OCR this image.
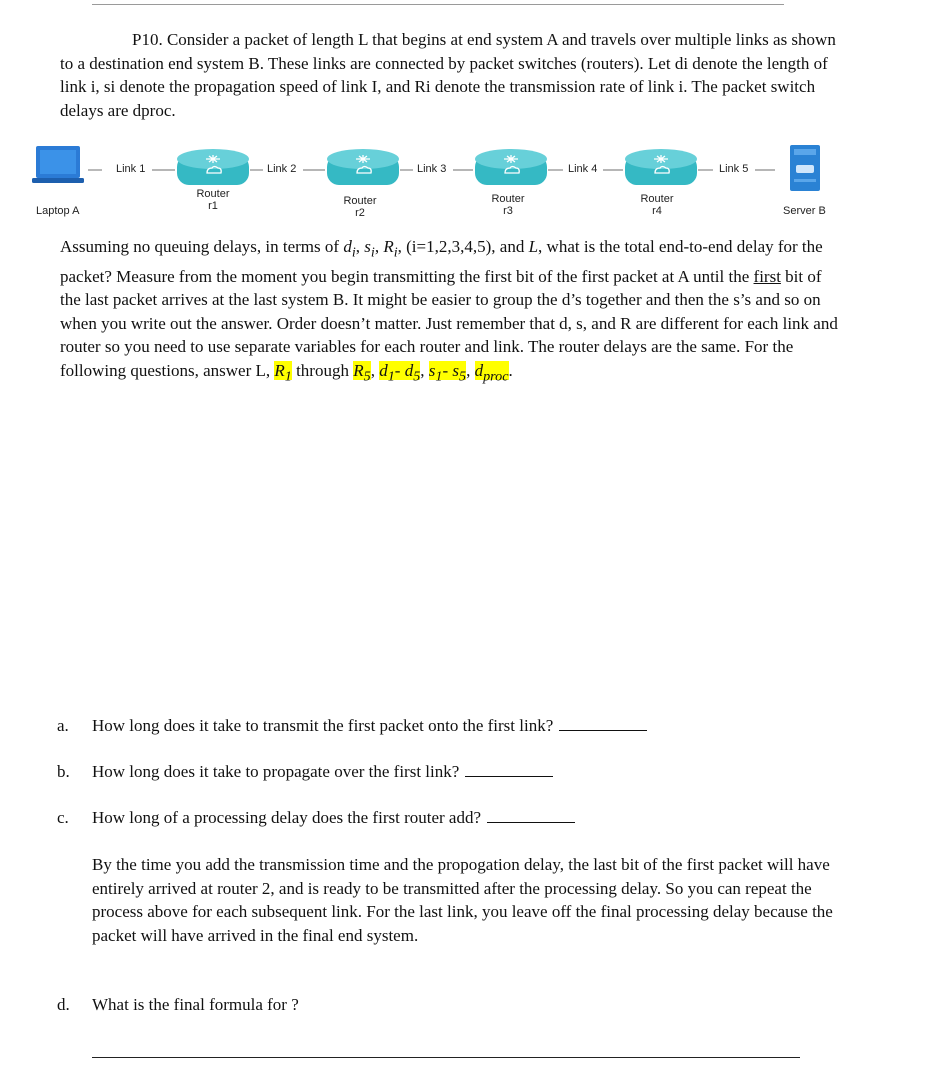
P10. Consider a packet of length L that begins at end system A and travels over multiple links as shown to a destination end system B. These links are connected by packet switches (routers). Let di denote the length of link i, si denote the propagation speed of link I, and Ri denote the transmission rate of link i. The packet switch delays are dproc.
Link 1	Link 2	Link 3	Link 4	Link 5
Router
r1	Router
r2
Router
r3
Router
r4
Laptop A	Server B
Assuming no queuing delays, in terms of $d_i$, $s_i$, $R_i$, (i=1,2,3,4,5), and L, what is the total end-to-end delay for the packet? Measure from the moment you begin transmitting the first bit of the first packet at A until the first bit of the last packet arrives at the last system B. It might be easier to group the d’s together and then the s’s and so on when you write out the answer. Order doesn’t matter. Just remember that d, s, and R are different for each link and router so you need to use separate variables for each router and link. The router delays are the same. For the following questions, answer L, $R_1$ through $R_5$, $d_1-$ $d_5$, $s_1-$ $s_5$, $d_{proc}$.
a. How long does it take to transmit the first packet onto the first link?
b. How long does it take to propagate over the first link?
c. How long of a processing delay does the first router add?
By the time you add the transmission time and the propogation delay, the last bit of the first packet will have entirely arrived at router 2, and is ready to be transmitted after the processing delay. So you can repeat the process above for each subsequent link. For the last link, you leave off the final processing delay because the packet will have arrived in the final end system.
d. What is the final formula for ?
